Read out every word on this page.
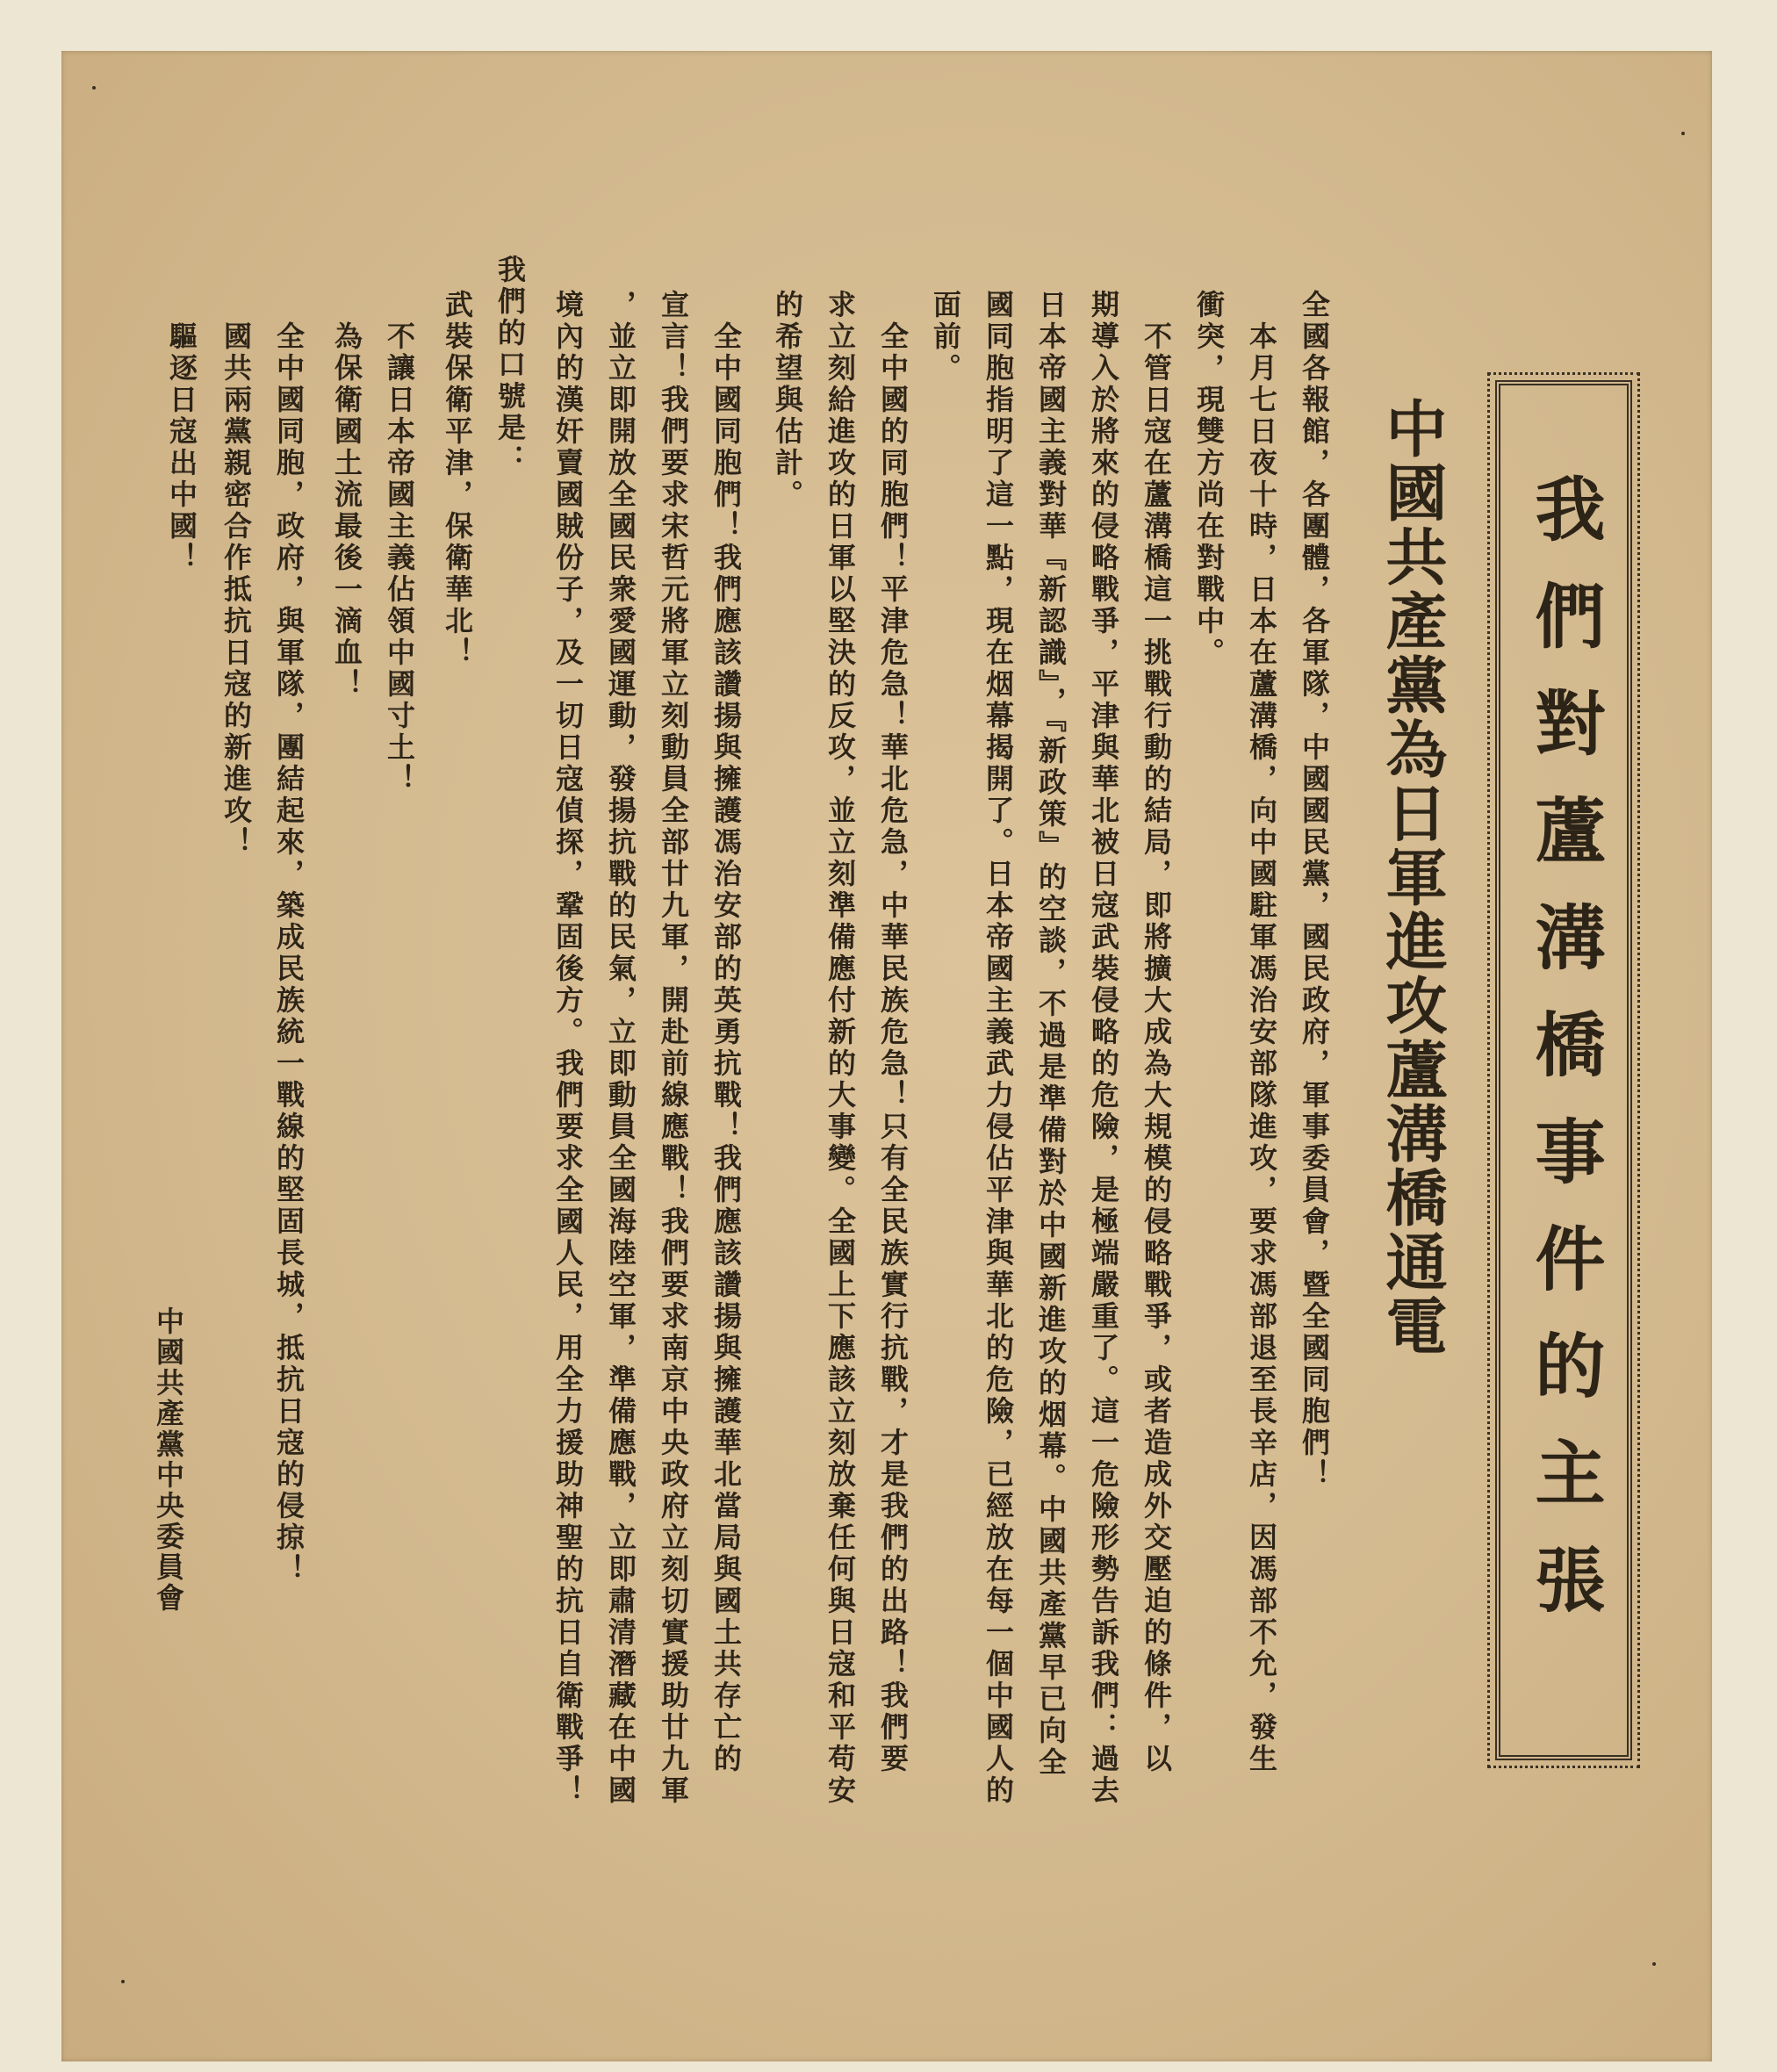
我們對蘆溝橋事件的主張
中國共產黨為日軍進攻蘆溝橋通電
全國各報館，各團體，各軍隊，中國國民黨，國民政府，軍事委員會，暨全國同胞們！
本月七日夜十時，日本在蘆溝橋，向中國駐軍馮治安部隊進攻，要求馮部退至長辛店，因馮部不允，發生
衝突，現雙方尚在對戰中。
不管日寇在蘆溝橋這一挑戰行動的結局，即將擴大成為大規模的侵略戰爭，或者造成外交壓迫的條件，以
期導入於將來的侵略戰爭，平津與華北被日寇武裝侵略的危險，是極端嚴重了。這一危險形勢告訴我們：過去
日本帝國主義對華『新認識』，『新政策』的空談，不過是準備對於中國新進攻的烟幕。中國共產黨早已向全
國同胞指明了這一點，現在烟幕揭開了。日本帝國主義武力侵佔平津與華北的危險，已經放在每一個中國人的
面前。
全中國的同胞們！平津危急！華北危急，中華民族危急！只有全民族實行抗戰，才是我們的出路！我們要
求立刻給進攻的日軍以堅決的反攻，並立刻準備應付新的大事變。全國上下應該立刻放棄任何與日寇和平苟安
的希望與估計。
全中國同胞們！我們應該讚揚與擁護馮治安部的英勇抗戰！我們應該讚揚與擁護華北當局與國土共存亡的
宣言！我們要求宋哲元將軍立刻動員全部廿九軍，開赴前線應戰！我們要求南京中央政府立刻切實援助廿九軍
，並立即開放全國民衆愛國運動，發揚抗戰的民氣，立即動員全國海陸空軍，準備應戰，立即肅清潛藏在中國
境內的漢奸賣國賊份子，及一切日寇偵探，鞏固後方。我們要求全國人民，用全力援助神聖的抗日自衛戰爭！
我們的口號是：
武裝保衛平津，保衛華北！
不讓日本帝國主義佔領中國寸土！
為保衛國土流最後一滴血！
全中國同胞，政府，與軍隊，團結起來，築成民族統一戰線的堅固長城，抵抗日寇的侵掠！
國共兩黨親密合作抵抗日寇的新進攻！
驅逐日寇出中國！
中國共產黨中央委員會
